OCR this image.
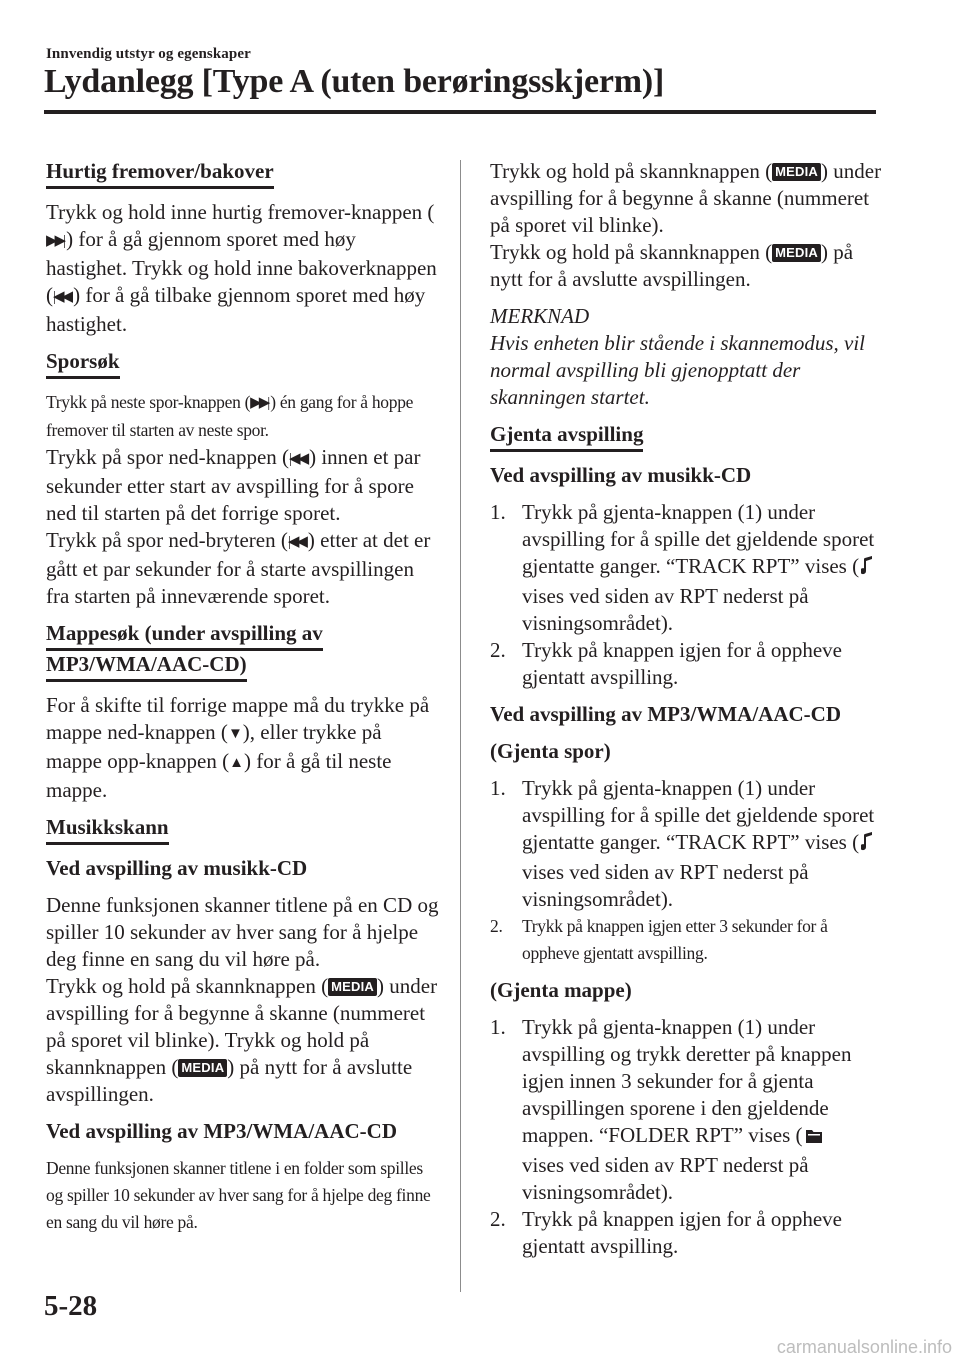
Innvendig utstyr og egenskaper
Lydanlegg [Type A (uten berøringsskjerm)]
Hurtig fremover/bakover

Trykk og hold inne hurtig fremover-knappen (▶▶| ) for å gå gjennom sporet med høy hastighet. Trykk og hold inne bakoverknappen (|◀◀ ) for å gå tilbake gjennom sporet med høy hastighet.

Sporsøk

Trykk på neste spor-knappen (▶▶| ) én gang for å hoppe fremover til starten av neste spor.

Trykk på spor ned-knappen (|◀◀ ) innen et par sekunder etter start av avspilling for å spore ned til starten på det forrige sporet.
Trykk på spor ned-bryteren (|◀◀ ) etter at det er gått et par sekunder for å starte avspillingen fra starten på inneværende sporet.

Mappesøk (under avspilling av
MP3/WMA/AAC-CD)

For å skifte til forrige mappe må du trykke på mappe ned-knappen (▼ ), eller trykke på mappe opp-knappen (▲ ) for å gå til neste mappe.

Musikkskann
Ved avspilling av musikk-CD

Denne funksjonen skanner titlene på en CD og spiller 10 sekunder av hver sang for å hjelpe deg finne en sang du vil høre på.
Trykk og hold på skannknappen ( MEDIA ) under avspilling for å begynne å skanne (nummeret på sporet vil blinke). Trykk og hold på skannknappen ( MEDIA ) på nytt for å avslutte avspillingen.

Ved avspilling av MP3/WMA/AAC-CD

Denne funksjonen skanner titlene i en folder som spilles og spiller 10 sekunder av hver sang for å hjelpe deg finne en sang du vil høre på.

Trykk og hold på skannknappen ( MEDIA ) under avspilling for å begynne å skanne (nummeret på sporet vil blinke).
Trykk og hold på skannknappen ( MEDIA ) på nytt for å avslutte avspillingen.

MERKNAD

Hvis enheten blir stående i skannemodus, vil normal avspilling bli gjenopptatt der skanningen startet.

Gjenta avspilling
Ved avspilling av musikk-CD
1. Trykk på gjenta-knappen (1) under avspilling for å spille det gjeldende sporet gjentatte ganger. “TRACK RPT” vises (vises ved siden av RPT nederst på visningsområdet).
2. Trykk på knappen igjen for å oppheve gjentatt avspilling.
Ved avspilling av MP3/WMA/AAC-CD
(Gjenta spor)
1. Trykk på gjenta-knappen (1) under avspilling for å spille det gjeldende sporet gjentatte ganger. “TRACK RPT” vises (vises ved siden av RPT nederst på visningsområdet).
2. Trykk på knappen igjen etter 3 sekunder for å oppheve gjentatt avspilling.
(Gjenta mappe)
1. Trykk på gjenta-knappen (1) under avspilling og trykk deretter på knappen igjen innen 3 sekunder for å gjenta avspillingen sporene i den gjeldende mappen. “FOLDER RPT” vises (
vises ved siden av RPT nederst på visningsområdet).
2. Trykk på knappen igjen for å oppheve gjentatt avspilling.
5-28
carmanualsonline.info
